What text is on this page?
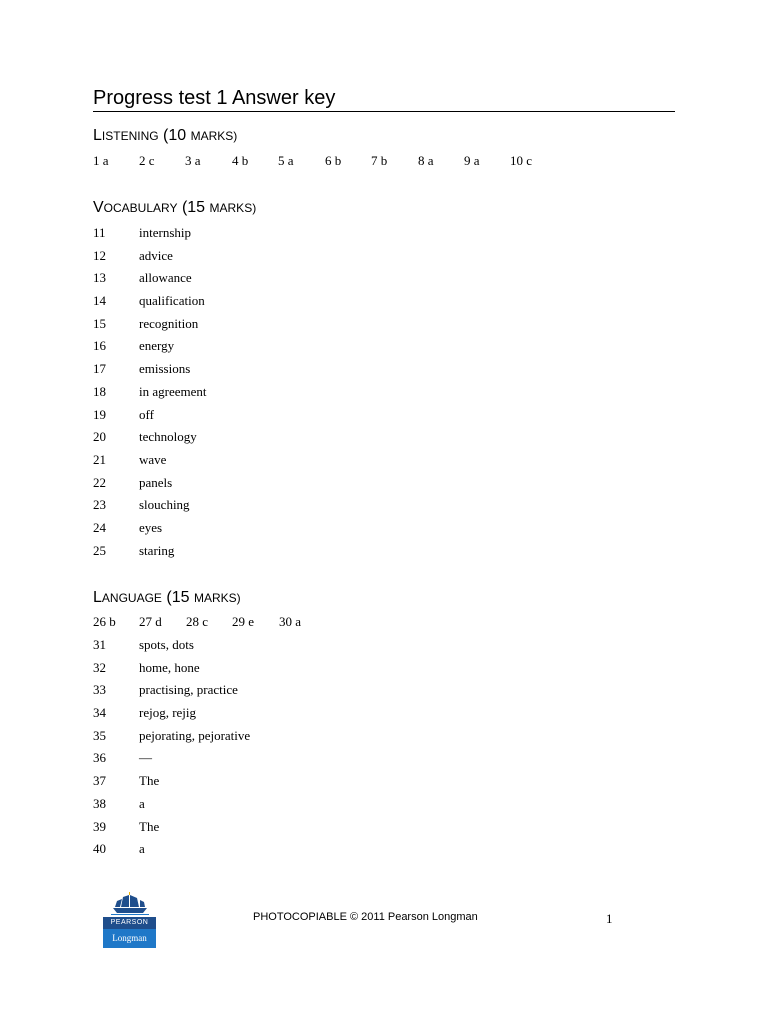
Progress test 1 Answer key
LISTENING (10 MARKS)
1 a 2 c 3 a 4 b 5 a 6 b 7 b 8 a 9 a 10 c
VOCABULARY (15 MARKS)
11	internship
12	advice
13	allowance
14	qualification
15	recognition
16	energy
17	emissions
18	in agreement
19	off
20	technology
21	wave
22	panels
23	slouching
24	eyes
25	staring
LANGUAGE (15 MARKS)
26 b 27 d 28 c 29 e 30 a
31	spots, dots
32	home, hone
33	practising, practice
34	rejog, rejig
35	pejorating, pejorative
36	—
37	The
38	a
39	The
40	a
PEARSON
Longman
PHOTOCOPIABLE © 2011 Pearson Longman	1
